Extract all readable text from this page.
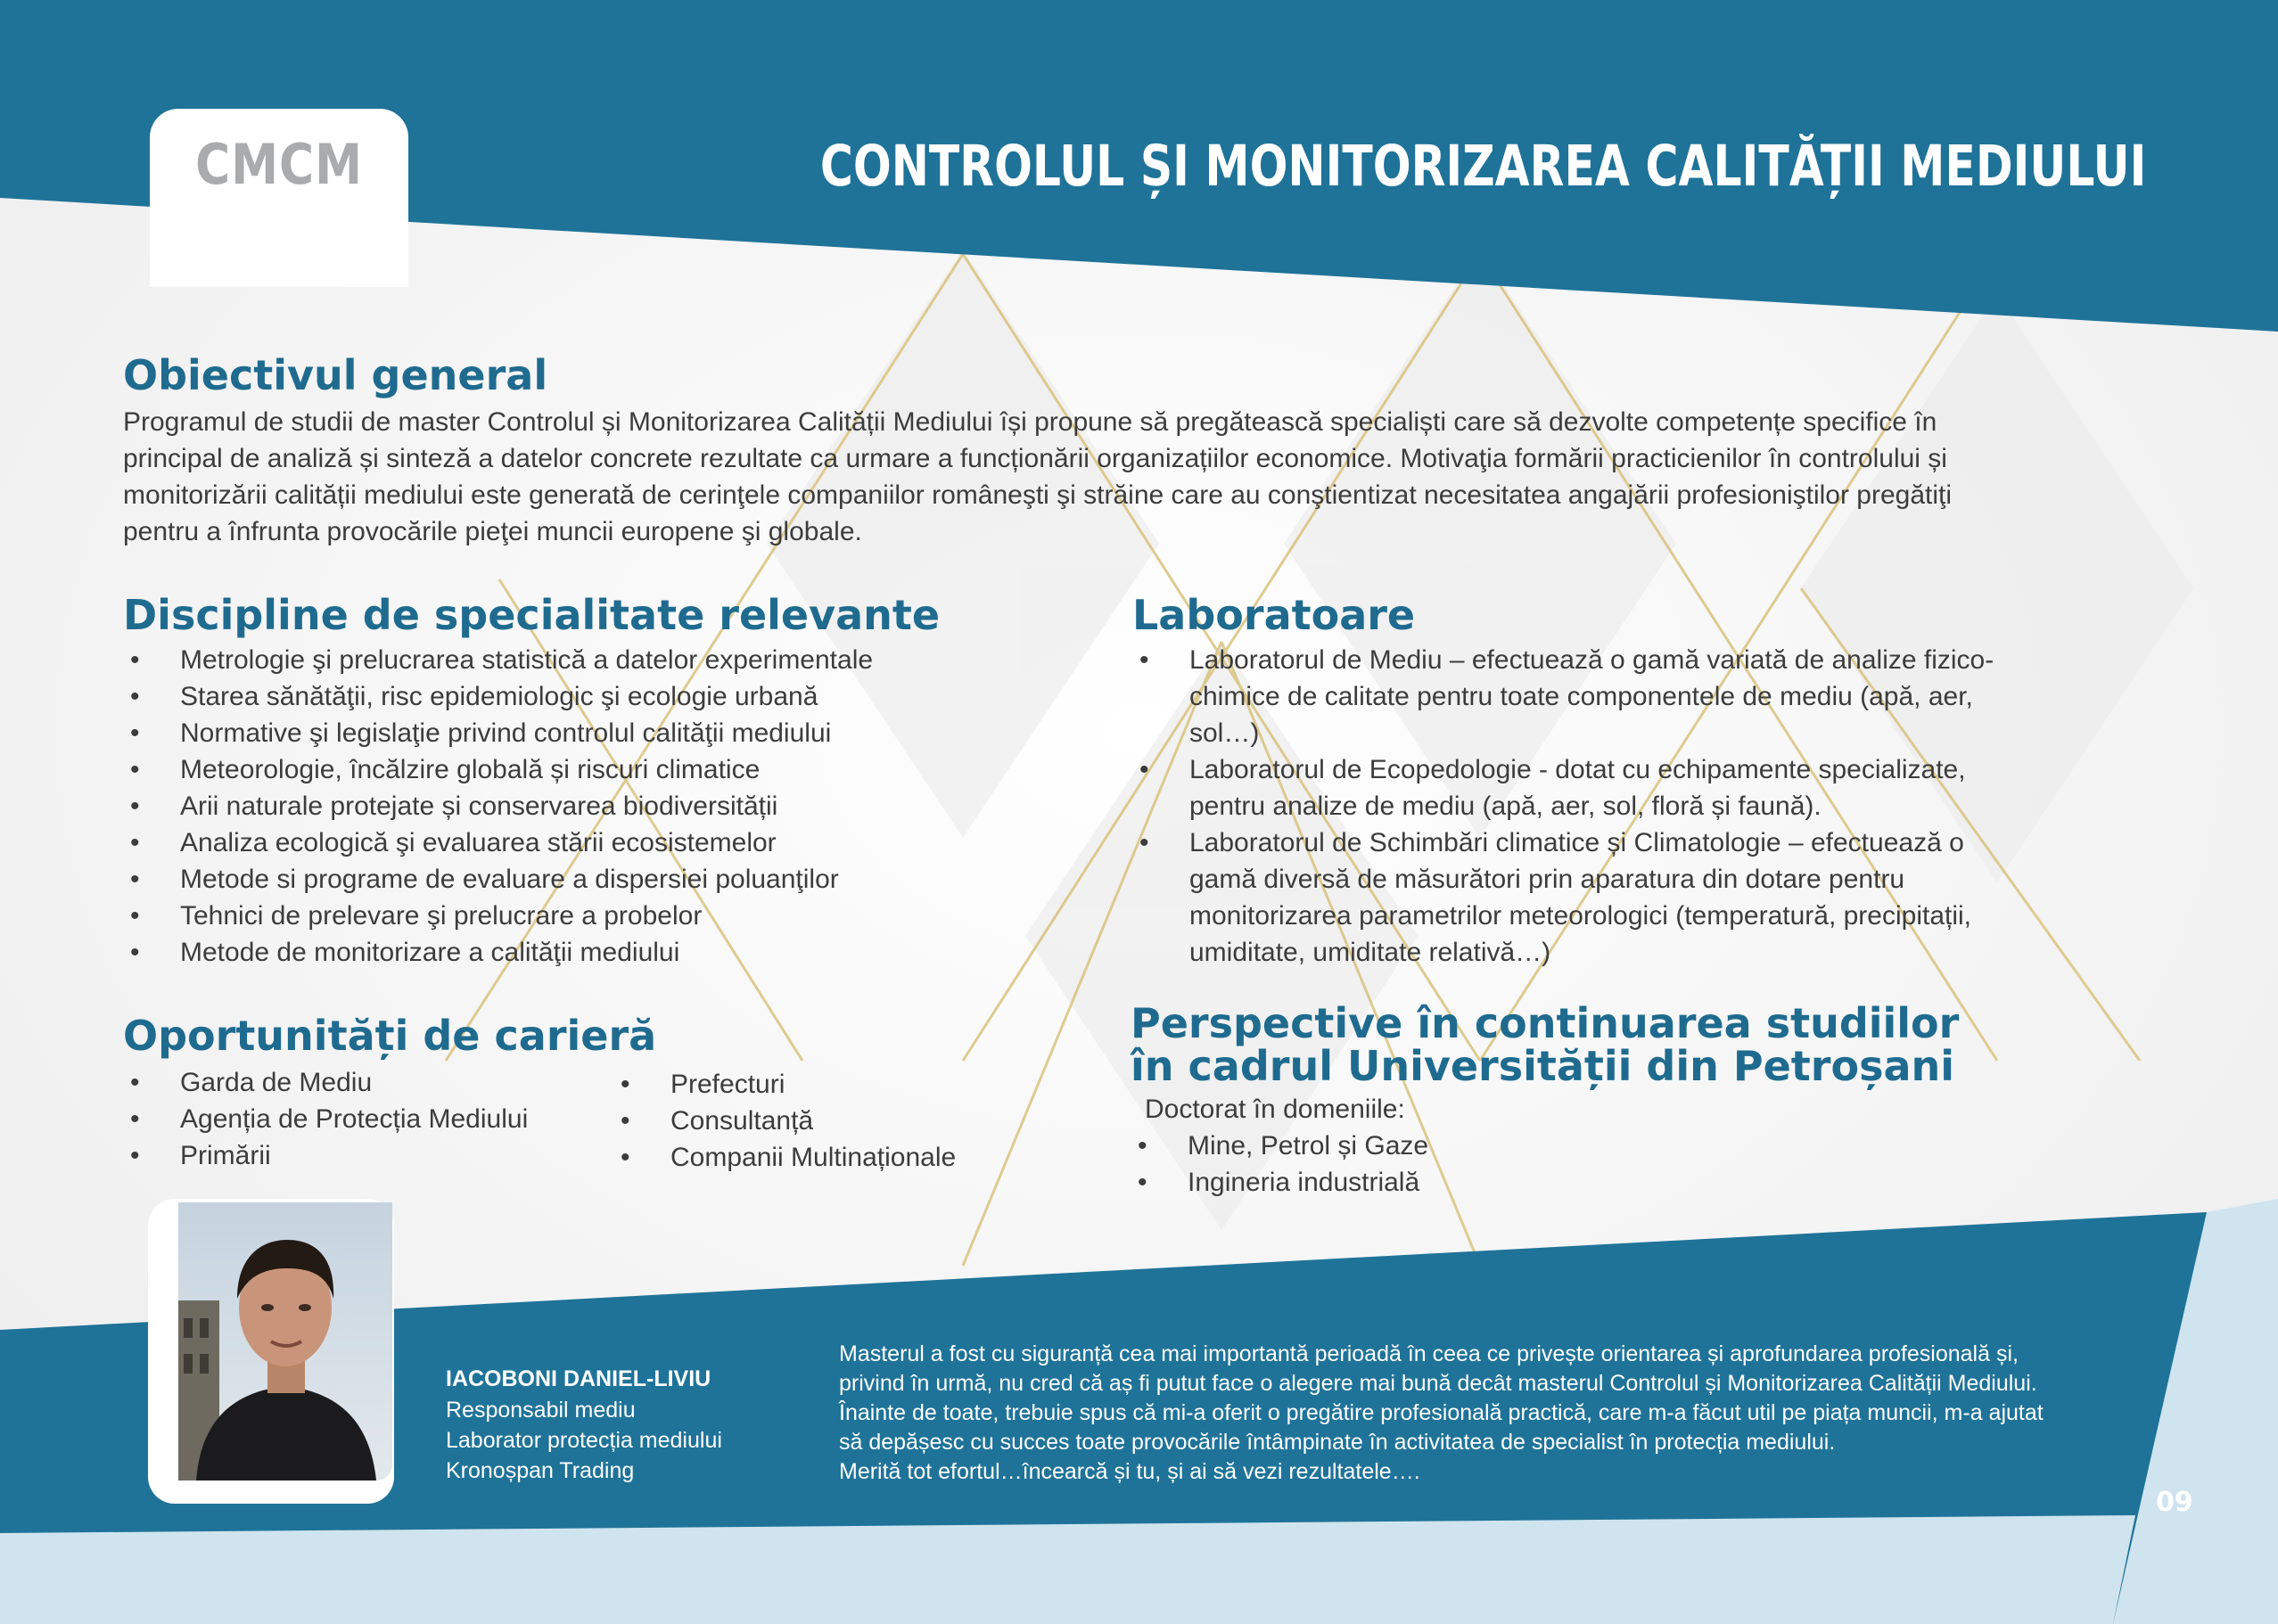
CMCM	CONTROLUL ȘI MONITORIZAREA CALITĂȚII MEDIULUI
Obiectivul general

Programul de studii de master Controlul și Monitorizarea Calității Mediului își propune să pregătească specialiști care să dezvolte competențe specifice în
principal de analiză și sinteză a datelor concrete rezultate ca urmare a funcționării organizațiilor economice. Motivaţia formării practicienilor în controlului și
monitorizării calității mediului este generată de cerinţele companiilor româneşti şi străine care au conştientizat necesitatea angajării profesioniştilor pregătiţi
pentru a înfrunta provocările pieţei muncii europene şi globale.

Discipline de specialitate relevante
• Metrologie şi prelucrarea statistică a datelor experimentale
• Starea sănătăţii, risc epidemiologic şi ecologie urbană
• Normative şi legislaţie privind controlul calităţii mediului
• Meteorologie, încălzire globală și riscuri climatice
• Arii naturale protejate și conservarea biodiversității
• Analiza ecologică şi evaluarea stării ecosistemelor
• Metode si programe de evaluare a dispersiei poluanţilor
• Tehnici de prelevare şi prelucrare a probelor
• Metode de monitorizare a calităţii mediului
Laboratoare
• Laboratorul de Mediu – efectuează o gamă variată de analize fizico-
chimice de calitate pentru toate componentele de mediu (apă, aer,
sol…)
• Laboratorul de Ecopedologie - dotat cu echipamente specializate,
pentru analize de mediu (apă, aer, sol, floră și faună).
• Laboratorul de Schimbări climatice și Climatologie – efectuează o
gamă diversă de măsurători prin aparatura din dotare pentru
monitorizarea parametrilor meteorologici (temperatură, precipitații,
umiditate, umiditate relativă…)
Oportunități de carieră
• Garda de Mediu
• Agenția de Protecția Mediului
• Primării
• Prefecturi
• Consultanță
• Companii Multinaționale
Perspective în continuarea studiilor
în cadrul Universității din Petroșani
Doctorat în domeniile:
• Mine, Petrol și Gaze
• Ingineria industrială
IACOBONI DANIEL-LIVIU
Responsabil mediu
Laborator protecția mediului
Kronoșpan Trading

Masterul a fost cu siguranță cea mai importantă perioadă în ceea ce privește orientarea și aprofundarea profesională și,

privind în urmă, nu cred că aș fi putut face o alegere mai bună decât masterul Controlul și Monitorizarea Calității Mediului.

Înainte de toate, trebuie spus că mi-a oferit o pregătire profesională practică, care m-a făcut util pe piața muncii, m-a ajutat

să depășesc cu succes toate provocările întâmpinate în activitatea de specialist în protecția mediului.

Merită tot efortul…încearcă și tu, și ai să vezi rezultatele….

09
